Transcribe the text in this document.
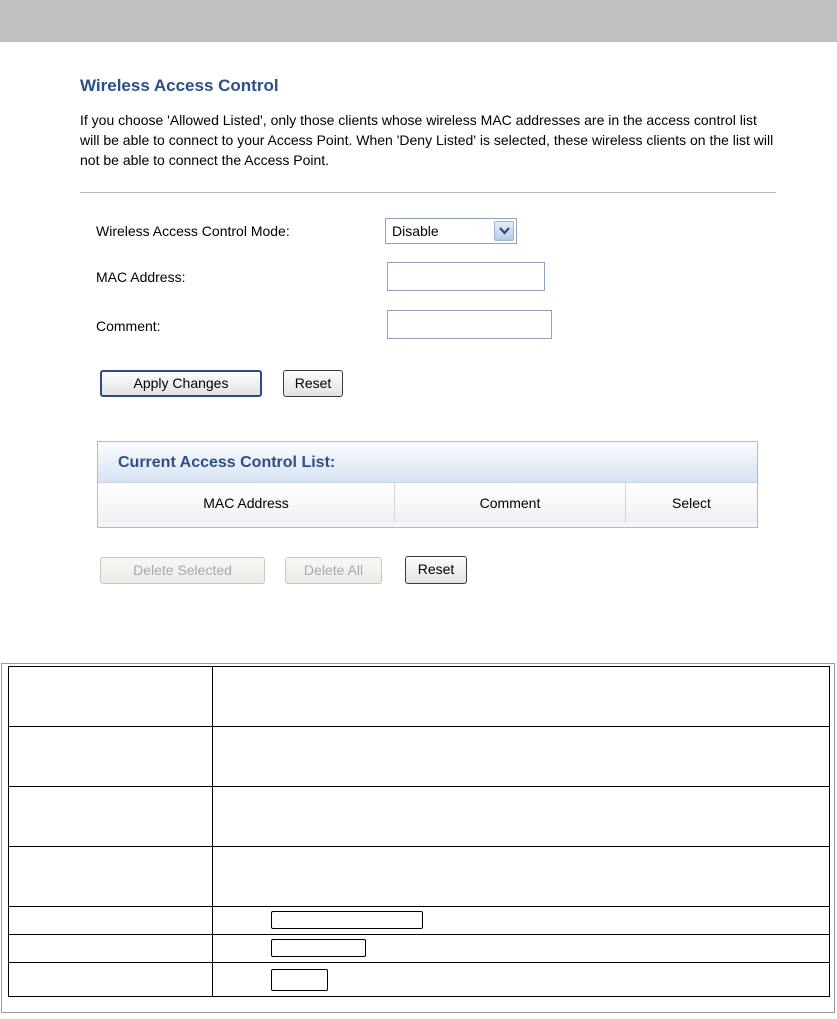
Wireless Access Control
If you choose 'Allowed Listed', only those clients whose wireless MAC addresses are in the access control list will be able to connect to your Access Point. When 'Deny Listed' is selected, these wireless clients on the list will not be able to connect the Access Point.
Wireless Access Control Mode:	Disable
MAC Address:
Comment:
Apply Changes	Reset
Current Access Control List:
MAC Address	Comment	Select
Delete Selected	Delete All	Reset
